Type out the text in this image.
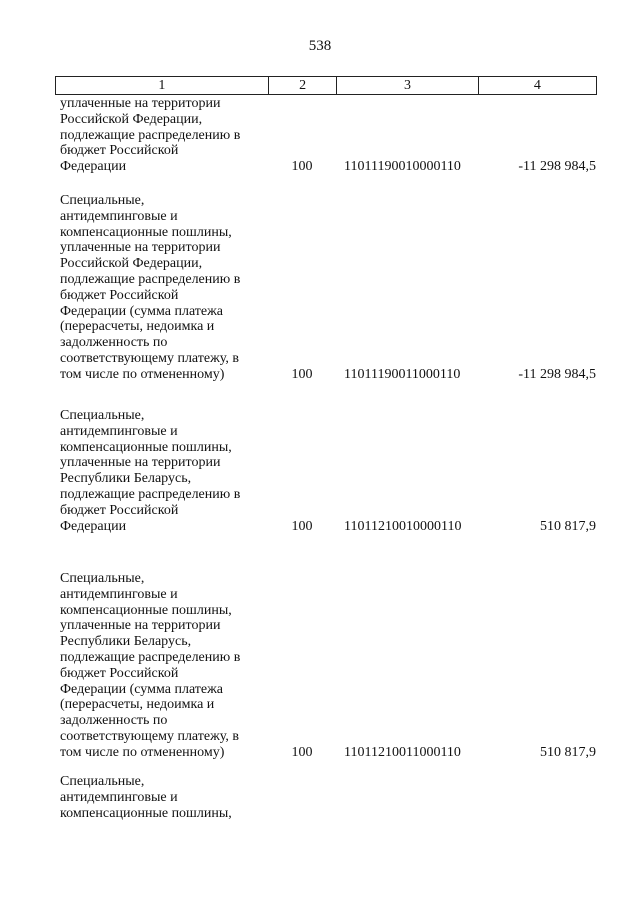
538
1	2	3	4
уплаченные на территории
Российской Федерации,
подлежащие распределению в
бюджет Российской
Федерации	100 11011190010000110	-11 298 984,5
Специальные,
антидемпинговые и
компенсационные пошлины,
уплаченные на территории
Российской Федерации,
подлежащие распределению в
бюджет Российской
Федерации (сумма платежа
(перерасчеты, недоимка и
задолженность по
соответствующему платежу, в
том числе по отмененному)	100 11011190011000110	-11 298 984,5
Специальные,
антидемпинговые и
компенсационные пошлины,
уплаченные на территории
Республики Беларусь,
подлежащие распределению в
бюджет Российской
Федерации	100 11011210010000110	510 817,9
Специальные,
антидемпинговые и
компенсационные пошлины,
уплаченные на территории
Республики Беларусь,
подлежащие распределению в
бюджет Российской
Федерации (сумма платежа
(перерасчеты, недоимка и
задолженность по
соответствующему платежу, в
том числе по отмененному)	100 11011210011000110	510 817,9
Специальные,
антидемпинговые и
компенсационные пошлины,
